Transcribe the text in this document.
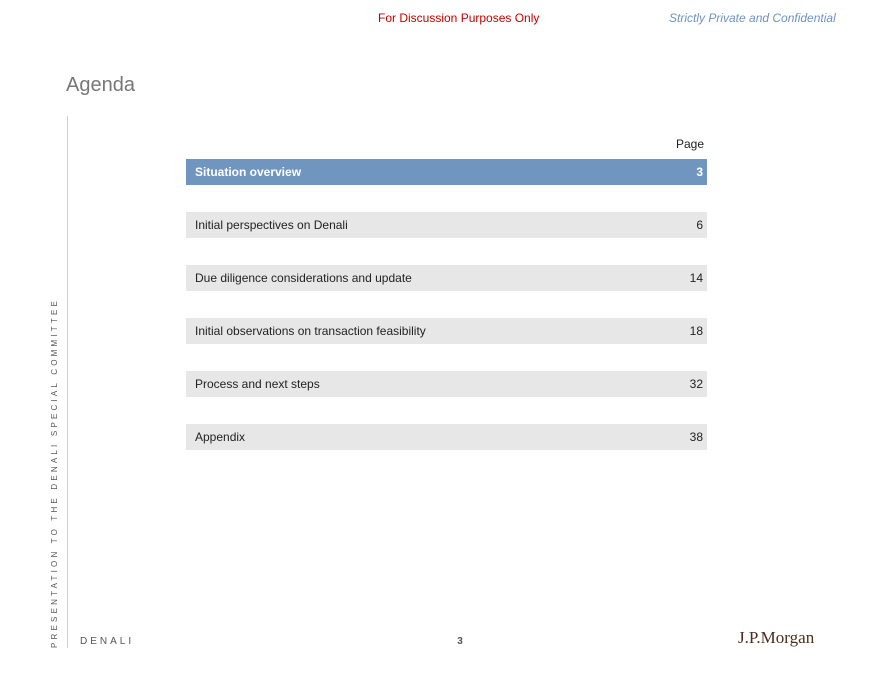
For Discussion Purposes Only	Strictly Private and Confidential
Agenda
PRESENTATION TO THE DENALI SPECIAL COMMITTEE
Page
Situation overview	3
Initial perspectives on Denali	6
Due diligence considerations and update	14
Initial observations on transaction feasibility	18
Process and next steps	32
Appendix	38
DENALI	3	J.P.Morgan
